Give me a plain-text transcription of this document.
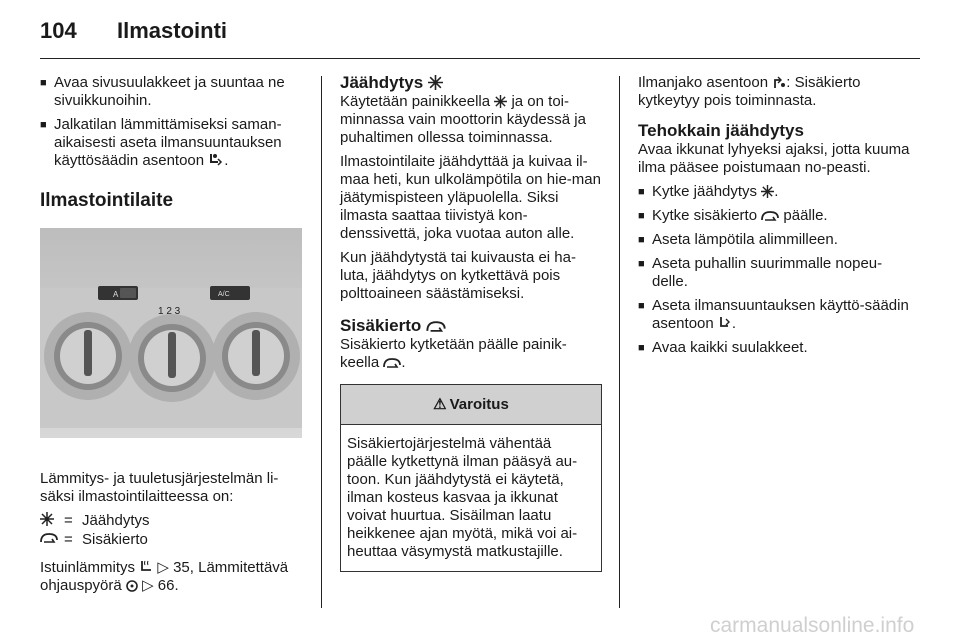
104 Ilmastointi
■ Avaa sivusuulakkeet ja suuntaa ne sivuikkunoihin.
■ Jalkatilan lämmittämiseksi saman-aikaisesti aseta ilmansuuntauksen käyttösäädin asentoon .
Ilmastointilaite
A	A/C
1 2 3

Lämmitys- ja tuuletusjärjestelmän li-säksi ilmastointilaitteessa on:

= Jäähdytys
= Sisäkierto

Istuinlämmitys ▷ 35, Lämmitettävä
ohjauspyörä ▷ 66.

Jäähdytys

Käytetään painikkeella ja on toi-minnassa vain moottorin käydessä ja puhaltimen ollessa toiminnassa.

Ilmastointilaite jäähdyttää ja kuivaa il-maa heti, kun ulkolämpötila on hie-man jäätymispisteen yläpuolella. Siksi ilmasta saattaa tiivistyä kon-denssivettä, joka vuotaa auton alle.

Kun jäähdytystä tai kuivausta ei ha-luta, jäähdytys on kytkettävä pois polttoaineen säästämiseksi.

Sisäkierto

Sisäkierto kytketään päälle painik-keella .

⚠ Varoitus
Sisäkiertojärjestelmä vähentää päälle kytkettynä ilman pääsyä au-toon. Kun jäähdytystä ei käytetä, ilman kosteus kasvaa ja ikkunat voivat huurtua. Sisäilman laatu heikkenee ajan myötä, mikä voi ai-heuttaa väsymystä matkustajille.

Ilmanjako asentoon : Sisäkierto kytkeytyy pois toiminnasta.

Tehokkain jäähdytys

Avaa ikkunat lyhyeksi ajaksi, jotta kuuma ilma pääsee poistumaan no-peasti.

■ Kytke jäähdytys .
■ Kytke sisäkierto päälle.
■ Aseta lämpötila alimmilleen.
■ Aseta puhallin suurimmalle nopeu-delle.
■ Aseta ilmansuuntauksen käyttö-säädin asentoon .
■ Avaa kaikki suulakkeet.
carmanualsonline.info
